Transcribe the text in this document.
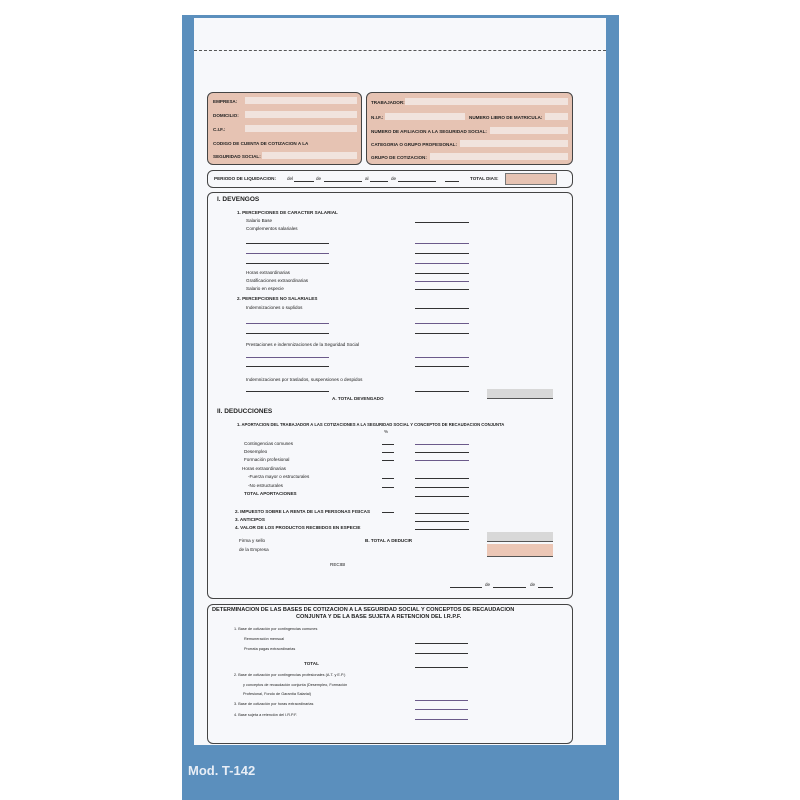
EMPRESA:
DOMICILIO:
C.I.F.:
CODIGO DE CUENTA DE COTIZACION A LA
SEGURIDAD SOCIAL:
TRABAJADOR:
N.I.F.:	NUMERO LIBRO DE MATRICULA:
NUMERO DE AFILIACION A LA SEGURIDAD SOCIAL:
CATEGORIA O GRUPO PROFESIONAL:
GRUPO DE COTIZACION:
PERIODO DE LIQUIDACION: del	de	al	de	TOTAL DIAS:
I. DEVENGOS
1. PERCEPCIONES DE CARACTER SALARIAL
Salario Base
Complementos salariales
Horas extraordinarias
Gratificaciones extraordinarias
Salario en especie
2. PERCEPCIONES NO SALARIALES
Indemnizaciones o suplidos
Prestaciones e indemnizaciones de la Seguridad Social
Indemnizaciones por traslados, suspensiones o despidos
A. TOTAL DEVENGADO
II. DEDUCCIONES
1. APORTACION DEL TRABAJADOR A LAS COTIZACIONES A LA SEGURIDAD SOCIAL Y CONCEPTOS DE RECAUDACION CONJUNTA
%
Contingencias comunes
Desempleo
Formación profesional
Horas extraordinarias
-Fuerza mayor o estructurales
-No estructurales
TOTAL APORTACIONES
2. IMPUESTO SOBRE LA RENTA DE LAS PERSONAS FISICAS
3. ANTICIPOS
4. VALOR DE LOS PRODUCTOS RECIBIDOS EN ESPECIE
Firma y sello
de la Empresa
B. TOTAL A DEDUCIR
RECIBI
de	de
DETERMINACION DE LAS BASES DE COTIZACION A LA SEGURIDAD SOCIAL Y CONCEPTOS DE RECAUDACION
CONJUNTA Y DE LA BASE SUJETA A RETENCION DEL I.R.P.F.
1. Base de cotización por contingencias comunes
Remuneración mensual
Prorrata pagas extraordinarias
TOTAL
2. Base de cotización por contingencias profesionales (A.T. y E.P.)
y conceptos de recaudación conjunta (Desempleo, Formación
Profesional, Fondo de Garantía Salarial)
3. Base de cotización por horas extraordinarias
4. Base sujeta a retención del I.R.P.F.
Mod. T-142
